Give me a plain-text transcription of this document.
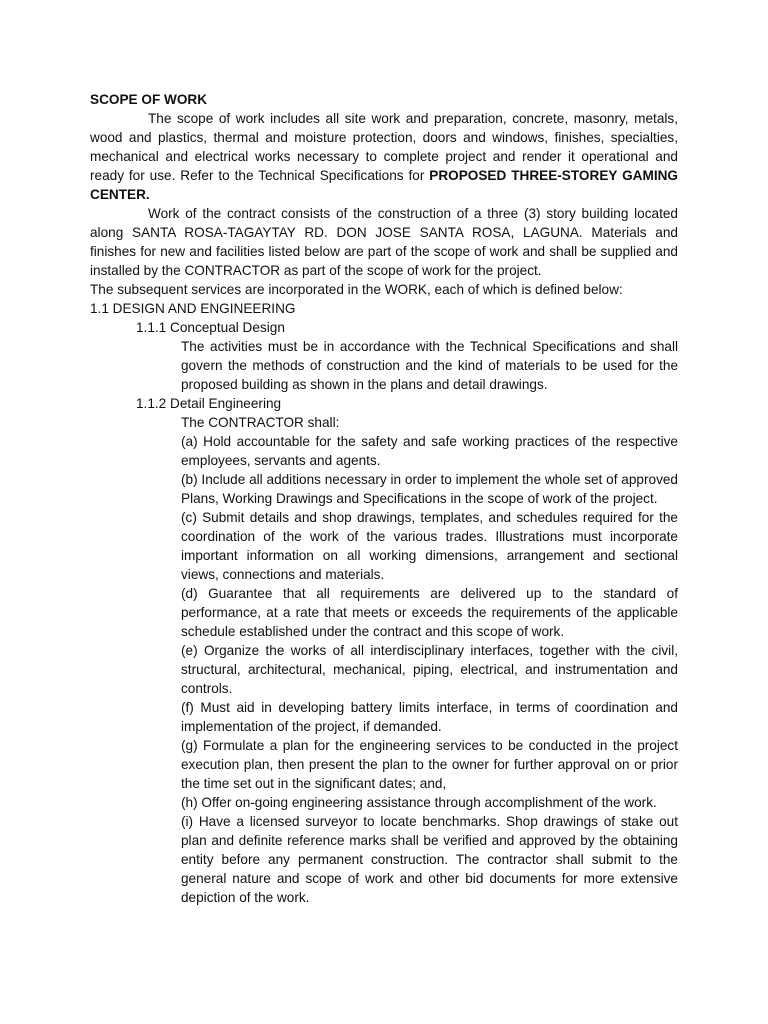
SCOPE OF WORK

The scope of work includes all site work and preparation, concrete, masonry, metals, wood and plastics, thermal and moisture protection, doors and windows, finishes, specialties, mechanical and electrical works necessary to complete project and render it operational and ready for use. Refer to the Technical Specifications for PROPOSED THREE-STOREY GAMING CENTER.

Work of the contract consists of the construction of a three (3) story building located along SANTA ROSA-TAGAYTAY RD. DON JOSE SANTA ROSA, LAGUNA. Materials and finishes for new and facilities listed below are part of the scope of work and shall be supplied and installed by the CONTRACTOR as part of the scope of work for the project.

The subsequent services are incorporated in the WORK, each of which is defined below:

1.1 DESIGN AND ENGINEERING

1.1.1 Conceptual Design

The activities must be in accordance with the Technical Specifications and shall govern the methods of construction and the kind of materials to be used for the proposed building as shown in the plans and detail drawings.

1.1.2 Detail Engineering

The CONTRACTOR shall:

(a) Hold accountable for the safety and safe working practices of the respective employees, servants and agents.

(b) Include all additions necessary in order to implement the whole set of approved Plans, Working Drawings and Specifications in the scope of work of the project.

(c) Submit details and shop drawings, templates, and schedules required for the coordination of the work of the various trades. Illustrations must incorporate important information on all working dimensions, arrangement and sectional views, connections and materials.

(d) Guarantee that all requirements are delivered up to the standard of performance, at a rate that meets or exceeds the requirements of the applicable schedule established under the contract and this scope of work.

(e) Organize the works of all interdisciplinary interfaces, together with the civil, structural, architectural, mechanical, piping, electrical, and instrumentation and controls.

(f) Must aid in developing battery limits interface, in terms of coordination and implementation of the project, if demanded.

(g) Formulate a plan for the engineering services to be conducted in the project execution plan, then present the plan to the owner for further approval on or prior the time set out in the significant dates; and,

(h) Offer on-going engineering assistance through accomplishment of the work.

(i) Have a licensed surveyor to locate benchmarks. Shop drawings of stake out plan and definite reference marks shall be verified and approved by the obtaining entity before any permanent construction. The contractor shall submit to the general nature and scope of work and other bid documents for more extensive depiction of the work.
